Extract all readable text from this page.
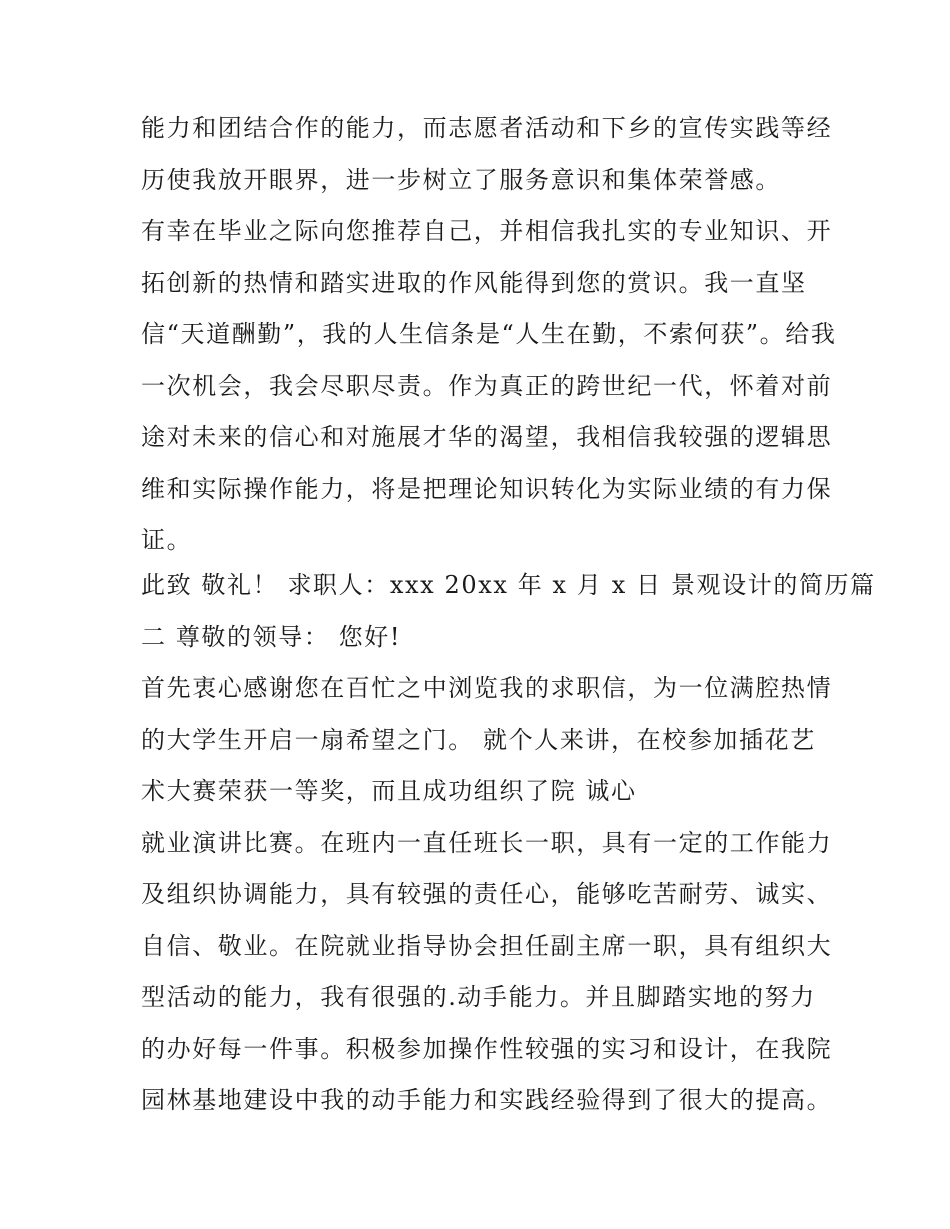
能力和团结合作的能力，而志愿者活动和下乡的宣传实践等经
历使我放开眼界，进一步树立了服务意识和集体荣誉感。
有幸在毕业之际向您推荐自己，并相信我扎实的专业知识、开
拓创新的热情和踏实进取的作风能得到您的赏识。我一直坚
信“天道酬勤”，我的人生信条是“人生在勤，不索何获”。给我
一次机会，我会尽职尽责。作为真正的跨世纪一代，怀着对前
途对未来的信心和对施展才华的渴望，我相信我较强的逻辑思
维和实际操作能力，将是把理论知识转化为实际业绩的有力保
证。
此致 敬礼！ 求职人：xxx 20xx 年 x 月 x 日 景观设计的简历篇
二 尊敬的领导： 您好!
首先衷心感谢您在百忙之中浏览我的求职信，为一位满腔热情
的大学生开启一扇希望之门。 就个人来讲，在校参加插花艺
术大赛荣获一等奖，而且成功组织了院 诚心
就业演讲比赛。在班内一直任班长一职，具有一定的工作能力
及组织协调能力，具有较强的责任心，能够吃苦耐劳、诚实、
自信、敬业。在院就业指导协会担任副主席一职，具有组织大
型活动的能力，我有很强的.动手能力。并且脚踏实地的努力
的办好每一件事。积极参加操作性较强的实习和设计，在我院
园林基地建设中我的动手能力和实践经验得到了很大的提高。
